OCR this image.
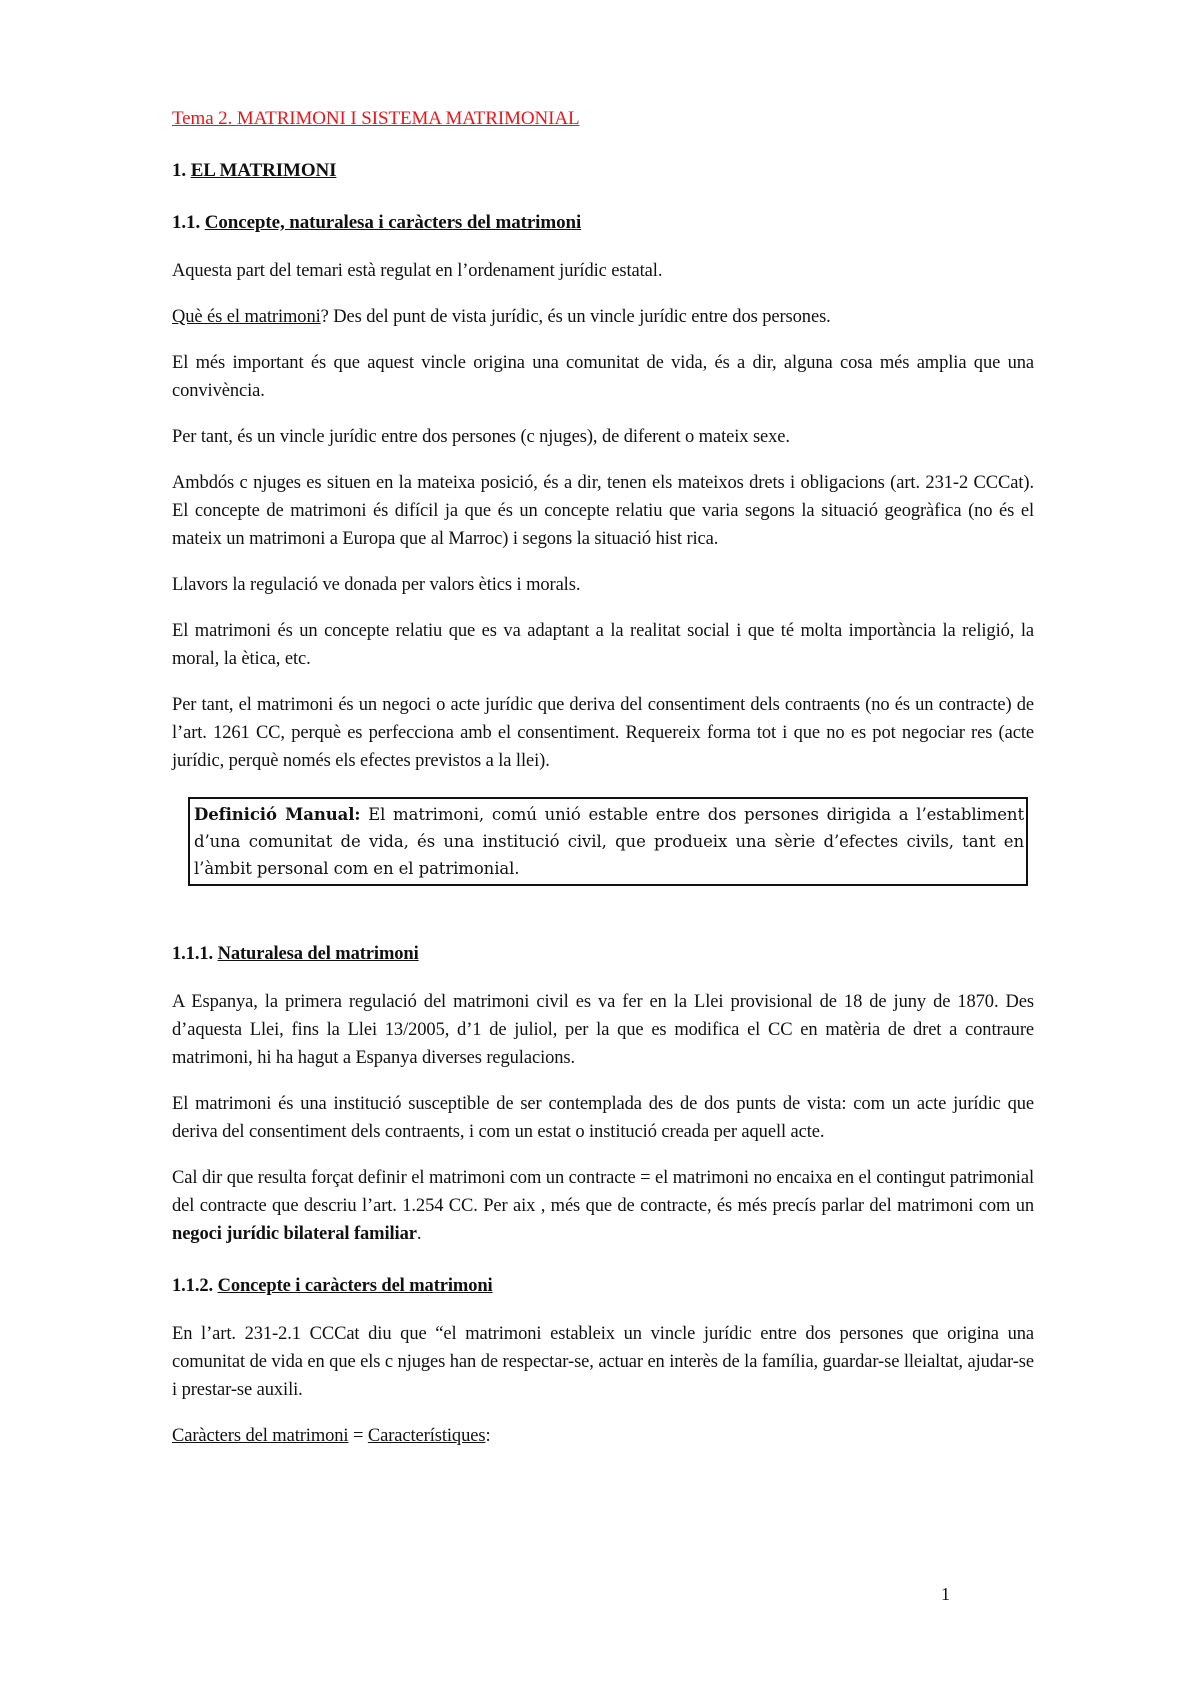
Tema 2. MATRIMONI I SISTEMA MATRIMONIAL

1. EL MATRIMONI

1.1. Concepte, naturalesa i caràcters del matrimoni

Aquesta part del temari està regulat en l’ordenament jurídic estatal.

Què és el matrimoni? Des del punt de vista jurídic, és un vincle jurídic entre dos persones.

El més important és que aquest vincle origina una comunitat de vida, és a dir, alguna cosa més amplia que una convivència.

Per tant, és un vincle jurídic entre dos persones (c njuges), de diferent o mateix sexe.

Ambdós c njuges es situen en la mateixa posició, és a dir, tenen els mateixos drets i obligacions (art. 231-2 CCCat). El concepte de matrimoni és difícil ja que és un concepte relatiu que varia segons la situació geogràfica (no és el mateix un matrimoni a Europa que al Marroc) i segons la situació hist rica.

Llavors la regulació ve donada per valors ètics i morals.

El matrimoni és un concepte relatiu que es va adaptant a la realitat social i que té molta importància la religió, la moral, la ètica, etc.

Per tant, el matrimoni és un negoci o acte jurídic que deriva del consentiment dels contraents (no és un contracte) de l’art. 1261 CC, perquè es perfecciona amb el consentiment. Requereix forma tot i que no es pot negociar res (acte jurídic, perquè només els efectes previstos a la llei).

Definició Manual: El matrimoni, comú unió estable entre dos persones dirigida a l’establiment d’una comunitat de vida, és una institució civil, que produeix una sèrie d’efectes civils, tant en l’àmbit personal com en el patrimonial.

1.1.1. Naturalesa del matrimoni

A Espanya, la primera regulació del matrimoni civil es va fer en la Llei provisional de 18 de juny de 1870. Des d’aquesta Llei, fins la Llei 13/2005, d’1 de juliol, per la que es modifica el CC en matèria de dret a contraure matrimoni, hi ha hagut a Espanya diverses regulacions.

El matrimoni és una institució susceptible de ser contemplada des de dos punts de vista: com un acte jurídic que deriva del consentiment dels contraents, i com un estat o institució creada per aquell acte.

Cal dir que resulta forçat definir el matrimoni com un contracte = el matrimoni no encaixa en el contingut patrimonial del contracte que descriu l’art. 1.254 CC. Per aix , més que de contracte, és més precís parlar del matrimoni com un negoci jurídic bilateral familiar.

1.1.2. Concepte i caràcters del matrimoni

En l’art. 231-2.1 CCCat diu que “el matrimoni estableix un vincle jurídic entre dos persones que origina una comunitat de vida en que els c njuges han de respectar-se, actuar en interès de la família, guardar-se lleialtat, ajudar-se i prestar-se auxili.

Caràcters del matrimoni = Característiques:

1
